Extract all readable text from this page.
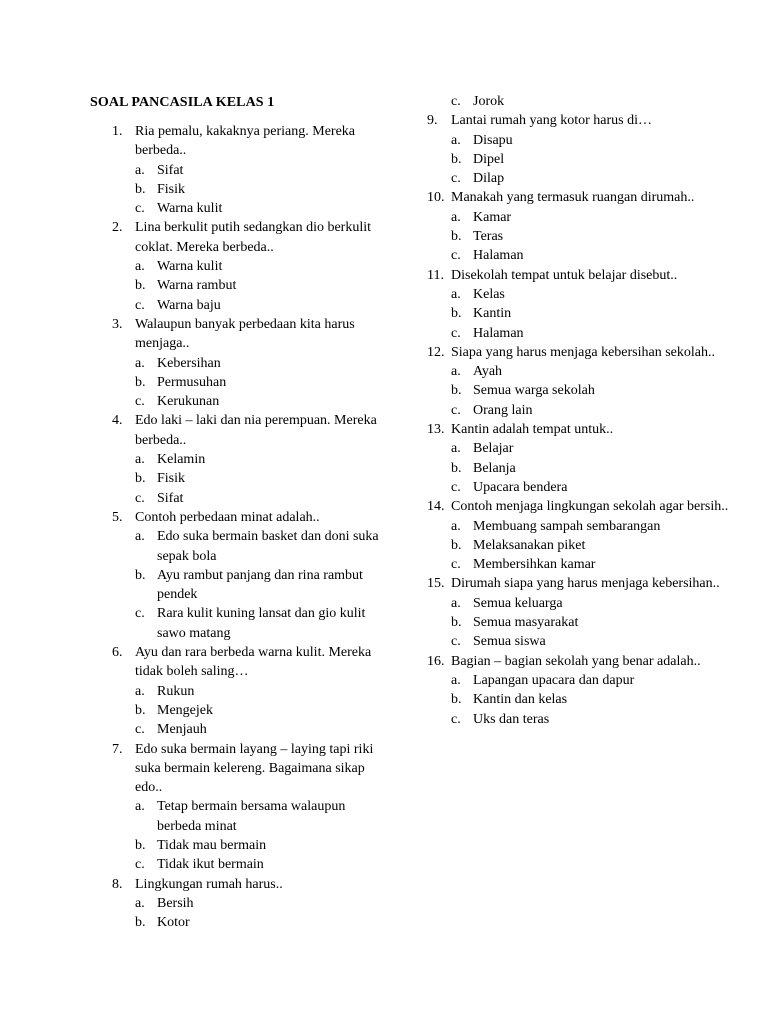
SOAL PANCASILA KELAS 1
1. Ria pemalu, kakaknya periang. Mereka berbeda..
a. Sifat
b. Fisik
c. Warna kulit
2. Lina berkulit putih sedangkan dio berkulit coklat. Mereka berbeda..
a. Warna kulit
b. Warna rambut
c. Warna baju
3. Walaupun banyak perbedaan kita harus menjaga..
a. Kebersihan
b. Permusuhan
c. Kerukunan
4. Edo laki – laki dan nia perempuan. Mereka berbeda..
a. Kelamin
b. Fisik
c. Sifat
5. Contoh perbedaan minat adalah..
a. Edo suka bermain basket dan doni suka sepak bola
b. Ayu rambut panjang dan rina rambut pendek
c. Rara kulit kuning lansat dan gio kulit sawo matang
6. Ayu dan rara berbeda warna kulit. Mereka tidak boleh saling…
a. Rukun
b. Mengejek
c. Menjauh
7. Edo suka bermain layang – laying tapi riki suka bermain kelereng. Bagaimana sikap edo..
a. Tetap bermain bersama walaupun berbeda minat
b. Tidak mau bermain
c. Tidak ikut bermain
8. Lingkungan rumah harus..
a. Bersih
b. Kotor
c. Jorok
9. Lantai rumah yang kotor harus di…
a. Disapu
b. Dipel
c. Dilap
10. Manakah yang termasuk ruangan dirumah..
a. Kamar
b. Teras
c. Halaman
11. Disekolah tempat untuk belajar disebut..
a. Kelas
b. Kantin
c. Halaman
12. Siapa yang harus menjaga kebersihan sekolah..
a. Ayah
b. Semua warga sekolah
c. Orang lain
13. Kantin adalah tempat untuk..
a. Belajar
b. Belanja
c. Upacara bendera
14. Contoh menjaga lingkungan sekolah agar bersih..
a. Membuang sampah sembarangan
b. Melaksanakan piket
c. Membersihkan kamar
15. Dirumah siapa yang harus menjaga kebersihan..
a. Semua keluarga
b. Semua masyarakat
c. Semua siswa
16. Bagian – bagian sekolah yang benar adalah..
a. Lapangan upacara dan dapur
b. Kantin dan kelas
c. Uks dan teras
